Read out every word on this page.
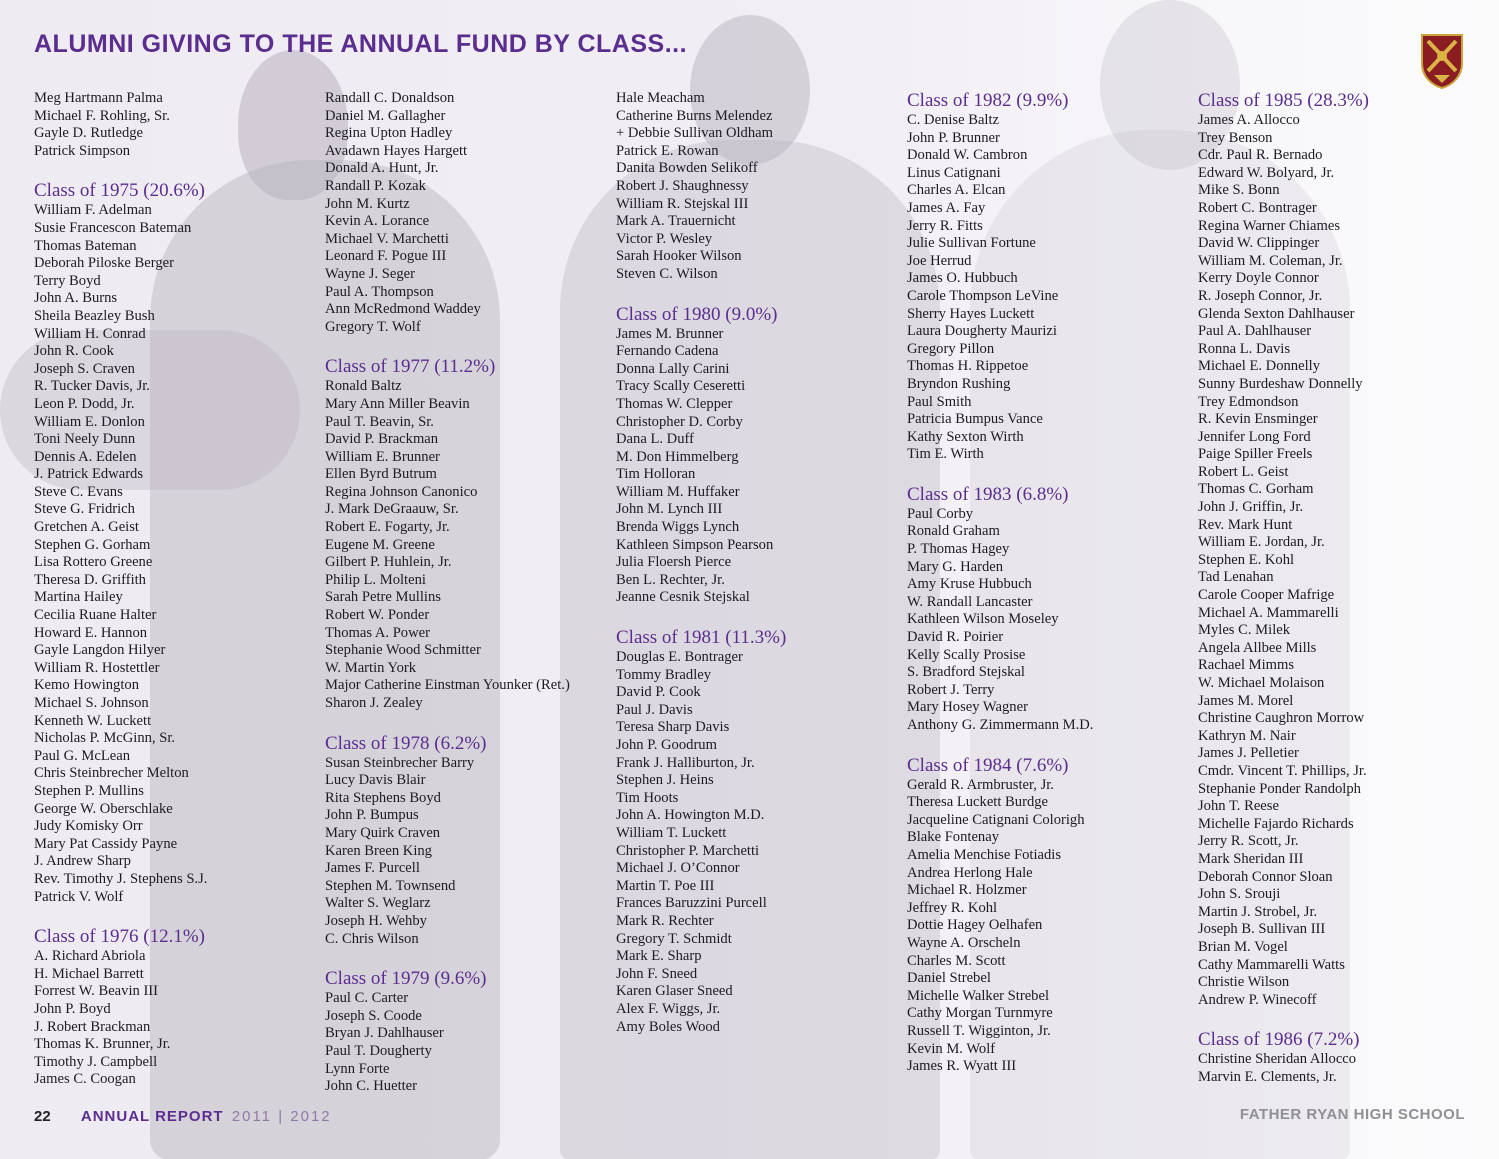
ALUMNI GIVING TO THE ANNUAL FUND BY CLASS...
Meg Hartmann Palma
Michael F. Rohling, Sr.
Gayle D. Rutledge
Patrick Simpson
Class of 1975 (20.6%)
William F. Adelman
Susie Francescon Bateman
Thomas Bateman
Deborah Piloske Berger
Terry Boyd
John A. Burns
Sheila Beazley Bush
William H. Conrad
John R. Cook
Joseph S. Craven
R. Tucker Davis, Jr.
Leon P. Dodd, Jr.
William E. Donlon
Toni Neely Dunn
Dennis A. Edelen
J. Patrick Edwards
Steve C. Evans
Steve G. Fridrich
Gretchen A. Geist
Stephen G. Gorham
Lisa Rottero Greene
Theresa D. Griffith
Martina Hailey
Cecilia Ruane Halter
Howard E. Hannon
Gayle Langdon Hilyer
William R. Hostettler
Kemo Howington
Michael S. Johnson
Kenneth W. Luckett
Nicholas P. McGinn, Sr.
Paul G. McLean
Chris Steinbrecher Melton
Stephen P. Mullins
George W. Oberschlake
Judy Komisky Orr
Mary Pat Cassidy Payne
J. Andrew Sharp
Rev. Timothy J. Stephens S.J.
Patrick V. Wolf
Class of 1976 (12.1%)
A. Richard Abriola
H. Michael Barrett
Forrest W. Beavin III
John P. Boyd
J. Robert Brackman
Thomas K. Brunner, Jr.
Timothy J. Campbell
James C. Coogan
Randall C. Donaldson
Daniel M. Gallagher
Regina Upton Hadley
Avadawn Hayes Hargett
Donald A. Hunt, Jr.
Randall P. Kozak
John M. Kurtz
Kevin A. Lorance
Michael V. Marchetti
Leonard F. Pogue III
Wayne J. Seger
Paul A. Thompson
Ann McRedmond Waddey
Gregory T. Wolf
Class of 1977 (11.2%)
Ronald Baltz
Mary Ann Miller Beavin
Paul T. Beavin, Sr.
David P. Brackman
William E. Brunner
Ellen Byrd Butrum
Regina Johnson Canonico
J. Mark DeGraauw, Sr.
Robert E. Fogarty, Jr.
Eugene M. Greene
Gilbert P. Huhlein, Jr.
Philip L. Molteni
Sarah Petre Mullins
Robert W. Ponder
Thomas A. Power
Stephanie Wood Schmitter
W. Martin York
Major Catherine Einstman Younker (Ret.)
Sharon J. Zealey
Class of 1978 (6.2%)
Susan Steinbrecher Barry
Lucy Davis Blair
Rita Stephens Boyd
John P. Bumpus
Mary Quirk Craven
Karen Breen King
James F. Purcell
Stephen M. Townsend
Walter S. Weglarz
Joseph H. Wehby
C. Chris Wilson
Class of 1979 (9.6%)
Paul C. Carter
Joseph S. Coode
Bryan J. Dahlhauser
Paul T. Dougherty
Lynn Forte
John C. Huetter
Hale Meacham
Catherine Burns Melendez
+ Debbie Sullivan Oldham
Patrick E. Rowan
Danita Bowden Selikoff
Robert J. Shaughnessy
William R. Stejskal III
Mark A. Trauernicht
Victor P. Wesley
Sarah Hooker Wilson
Steven C. Wilson
Class of 1980 (9.0%)
James M. Brunner
Fernando Cadena
Donna Lally Carini
Tracy Scally Ceseretti
Thomas W. Clepper
Christopher D. Corby
Dana L. Duff
M. Don Himmelberg
Tim Holloran
William M. Huffaker
John M. Lynch III
Brenda Wiggs Lynch
Kathleen Simpson Pearson
Julia Floersh Pierce
Ben L. Rechter, Jr.
Jeanne Cesnik Stejskal
Class of 1981 (11.3%)
Douglas E. Bontrager
Tommy Bradley
David P. Cook
Paul J. Davis
Teresa Sharp Davis
John P. Goodrum
Frank J. Halliburton, Jr.
Stephen J. Heins
Tim Hoots
John A. Howington M.D.
William T. Luckett
Christopher P. Marchetti
Michael J. O’Connor
Martin T. Poe III
Frances Baruzzini Purcell
Mark R. Rechter
Gregory T. Schmidt
Mark E. Sharp
John F. Sneed
Karen Glaser Sneed
Alex F. Wiggs, Jr.
Amy Boles Wood
Class of 1982 (9.9%)
C. Denise Baltz
John P. Brunner
Donald W. Cambron
Linus Catignani
Charles A. Elcan
James A. Fay
Jerry R. Fitts
Julie Sullivan Fortune
Joe Herrud
James O. Hubbuch
Carole Thompson LeVine
Sherry Hayes Luckett
Laura Dougherty Maurizi
Gregory Pillon
Thomas H. Rippetoe
Bryndon Rushing
Paul Smith
Patricia Bumpus Vance
Kathy Sexton Wirth
Tim E. Wirth
Class of 1983 (6.8%)
Paul Corby
Ronald Graham
P. Thomas Hagey
Mary G. Harden
Amy Kruse Hubbuch
W. Randall Lancaster
Kathleen Wilson Moseley
David R. Poirier
Kelly Scally Prosise
S. Bradford Stejskal
Robert J. Terry
Mary Hosey Wagner
Anthony G. Zimmermann M.D.
Class of 1984 (7.6%)
Gerald R. Armbruster, Jr.
Theresa Luckett Burdge
Jacqueline Catignani Colorigh
Blake Fontenay
Amelia Menchise Fotiadis
Andrea Herlong Hale
Michael R. Holzmer
Jeffrey R. Kohl
Dottie Hagey Oelhafen
Wayne A. Orscheln
Charles M. Scott
Daniel Strebel
Michelle Walker Strebel
Cathy Morgan Turnmyre
Russell T. Wigginton, Jr.
Kevin M. Wolf
James R. Wyatt III
Class of 1985 (28.3%)
James A. Allocco
Trey Benson
Cdr. Paul R. Bernado
Edward W. Bolyard, Jr.
Mike S. Bonn
Robert C. Bontrager
Regina Warner Chiames
David W. Clippinger
William M. Coleman, Jr.
Kerry Doyle Connor
R. Joseph Connor, Jr.
Glenda Sexton Dahlhauser
Paul A. Dahlhauser
Ronna L. Davis
Michael E. Donnelly
Sunny Burdeshaw Donnelly
Trey Edmondson
R. Kevin Ensminger
Jennifer Long Ford
Paige Spiller Freels
Robert L. Geist
Thomas C. Gorham
John J. Griffin, Jr.
Rev. Mark Hunt
William E. Jordan, Jr.
Stephen E. Kohl
Tad Lenahan
Carole Cooper Mafrige
Michael A. Mammarelli
Myles C. Milek
Angela Allbee Mills
Rachael Mimms
W. Michael Molaison
James M. Morel
Christine Caughron Morrow
Kathryn M. Nair
James J. Pelletier
Cmdr. Vincent T. Phillips, Jr.
Stephanie Ponder Randolph
John T. Reese
Michelle Fajardo Richards
Jerry R. Scott, Jr.
Mark Sheridan III
Deborah Connor Sloan
John S. Srouji
Martin J. Strobel, Jr.
Joseph B. Sullivan III
Brian M. Vogel
Cathy Mammarelli Watts
Christie Wilson
Andrew P. Winecoff
Class of 1986 (7.2%)
Christine Sheridan Allocco
Marvin E. Clements, Jr.
22 ANNUAL REPORT 2011 | 2012	FATHER RYAN HIGH SCHOOL
